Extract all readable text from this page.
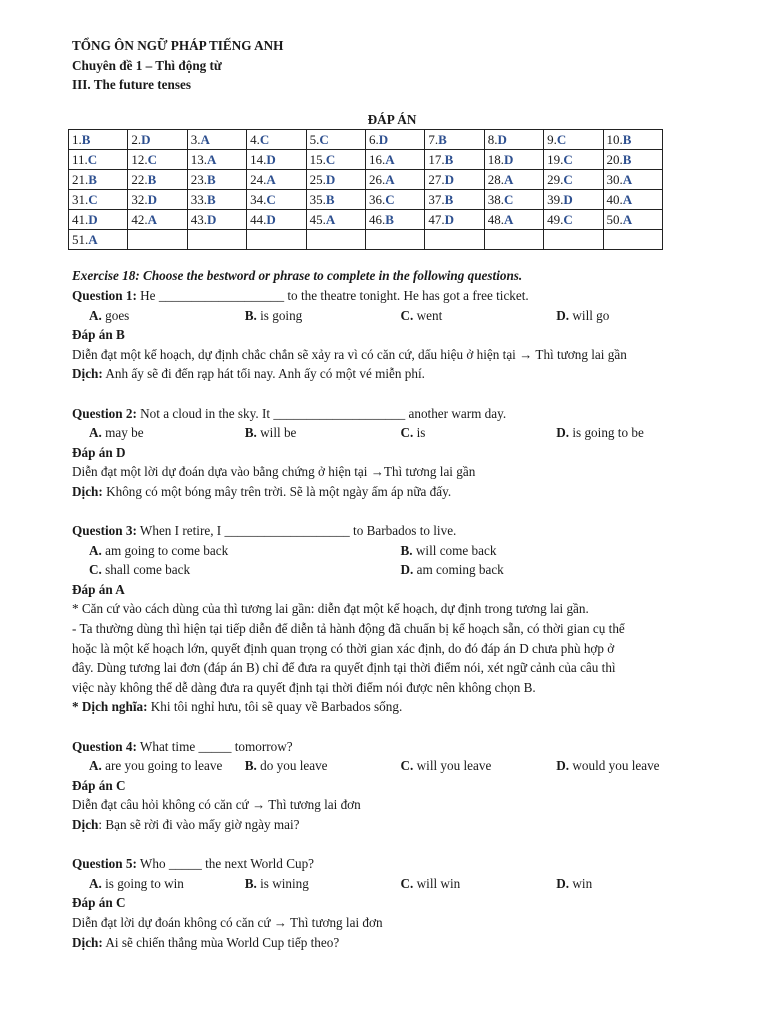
TỔNG ÔN NGỮ PHÁP TIẾNG ANH
Chuyên đề 1 – Thì động từ
III. The future tenses
ĐÁP ÁN
1.B	2.D	3.A	4.C	5.C	6.D	7.B	8.D	9.C	10.B
11.C	12.C	13.A	14.D	15.C	16.A	17.B	18.D	19.C	20.B
21.B	22.B	23.B	24.A	25.D	26.A	27.D	28.A	29.C	30.A
31.C	32.D	33.B	34.C	35.B	36.C	37.B	38.C	39.D	40.A
41.D	42.A	43.D	44.D	45.A	46.B	47.D	48.A	49.C	50.A
51.A									
Exercise 18: Choose the bestword or phrase to complete in the following questions.
Question 1: He ___________________ to the theatre tonight. He has got a free ticket.
A. goes	B. is going	C. went	D. will go
Đáp án B
Diễn đạt một kế hoạch, dự định chắc chắn sẽ xảy ra vì có căn cứ, dấu hiệu ở hiện tại → Thì tương lai gần
Dịch: Anh ấy sẽ đi đến rạp hát tối nay. Anh ấy có một vé miễn phí.
Question 2: Not a cloud in the sky. It ____________________ another warm day.
A. may be	B. will be	C. is	D. is going to be
Đáp án D
Diễn đạt một lời dự đoán dựa vào bằng chứng ở hiện tại →Thì tương lai gần
Dịch: Không có một bóng mây trên trời. Sẽ là một ngày ấm áp nữa đấy.
Question 3: When I retire, I ___________________ to Barbados to live.
A. am going to come back	B. will come back
C. shall come back	D. am coming back
Đáp án A
* Căn cứ vào cách dùng của thì tương lai gần: diễn đạt một kế hoạch, dự định trong tương lai gần.
- Ta thường dùng thì hiện tại tiếp diễn để diễn tả hành động đã chuẩn bị kế hoạch sẵn, có thời gian cụ thể
hoặc là một kế hoạch lớn, quyết định quan trọng có thời gian xác định, do đó đáp án D chưa phù hợp ở
đây. Dùng tương lai đơn (đáp án B) chỉ để đưa ra quyết định tại thời điểm nói, xét ngữ cảnh của câu thì
việc này không thể dễ dàng đưa ra quyết định tại thời điểm nói được nên không chọn B.
* Dịch nghĩa: Khi tôi nghỉ hưu, tôi sẽ quay về Barbados sống.
Question 4: What time _____ tomorrow?
A. are you going to leave	B. do you leave	C. will you leave	D. would you leave
Đáp án C
Diễn đạt câu hỏi không có căn cứ → Thì tương lai đơn
Dịch: Bạn sẽ rời đi vào mấy giờ ngày mai?
Question 5: Who _____ the next World Cup?
A. is going to win	B. is wining	C. will win	D. win
Đáp án C
Diễn đạt lời dự đoán không có căn cứ → Thì tương lai đơn
Dịch: Ai sẽ chiến thắng mùa World Cup tiếp theo?
